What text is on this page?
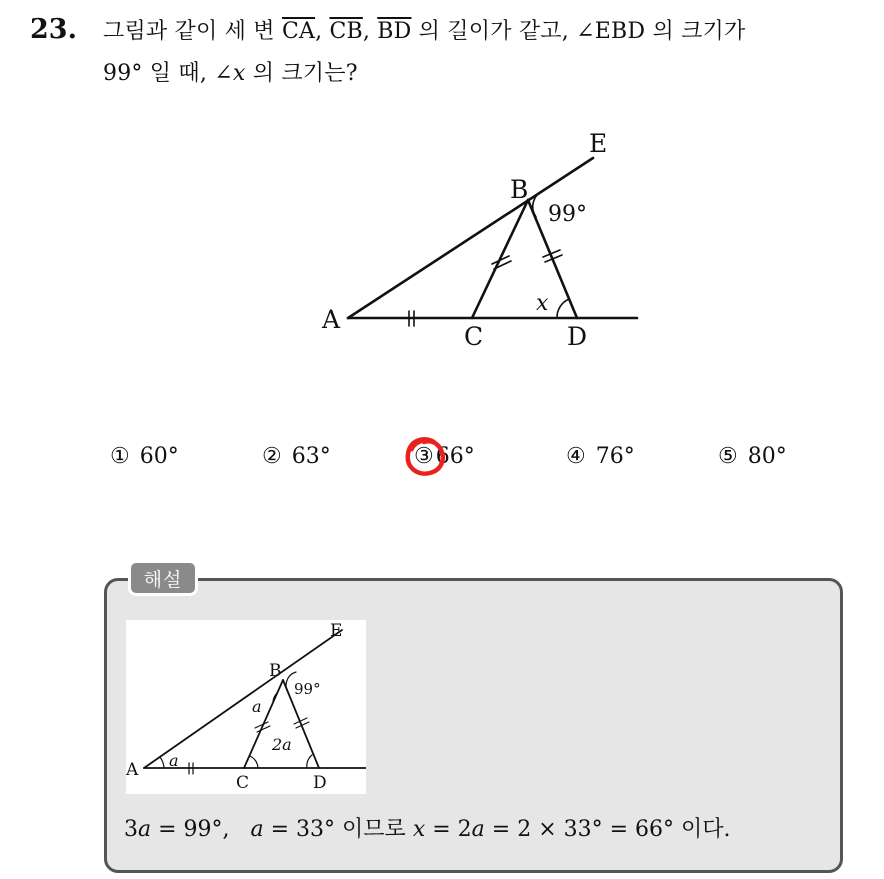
23. 그림과 같이 세 변 $\overline{CA}$, $\overline{CB}$, $\overline{BD}$ 의 길이가 같고, ∠EBD 의 크기가
99° 일 때, ∠x 의 크기는?
E
B
99°
A
C	D
x
① 60°	② 63°	③66°	④ 76°	⑤ 80°
해설
E
B
99°
A
C	D
a
a
2a
3a = 99°,   a = 33° 이므로 x = 2a = 2 × 33° = 66° 이다.
